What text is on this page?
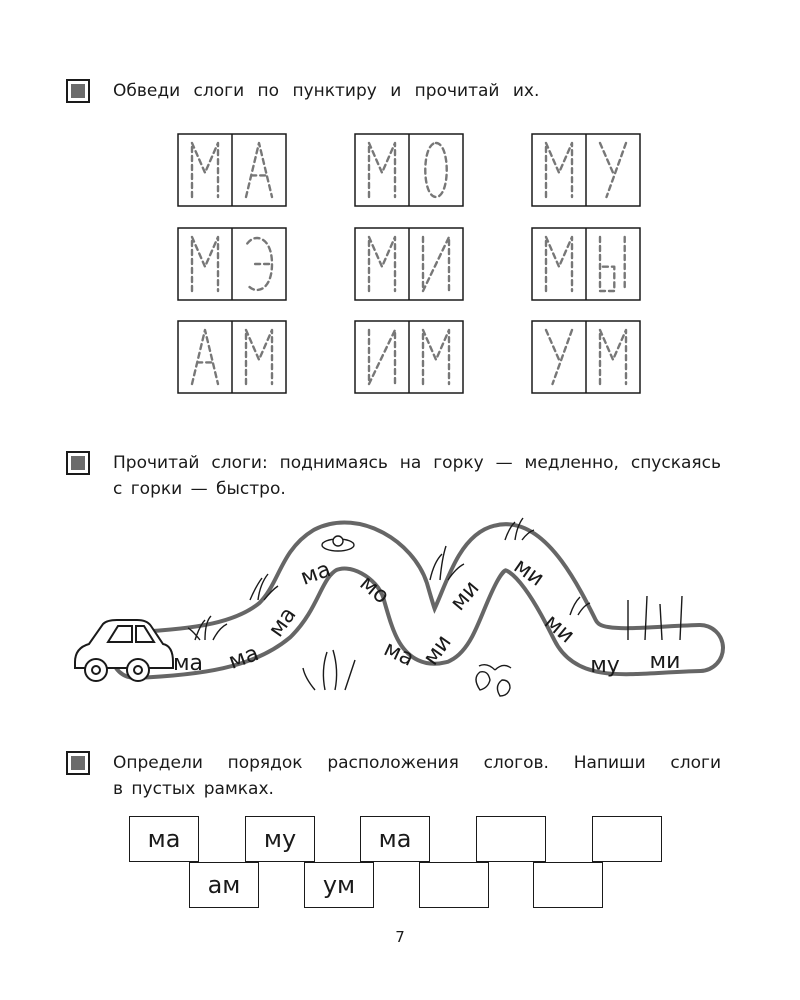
Обведи слоги по пунктиру и прочитай их.
М	А	М	О	М	У
М	Э	М	И	М	Ы
А	М	И	М	У	М
Прочитай слоги: поднимаясь на горку — медленно, спускаясь
с горки — быстро.
ма ма
ма
ма мо
ма ми
ми
ми
ми
му ми
Определи порядок расположения слогов. Напиши слоги
в пустых рамках.
ма	му	ма
ам	ум
7
